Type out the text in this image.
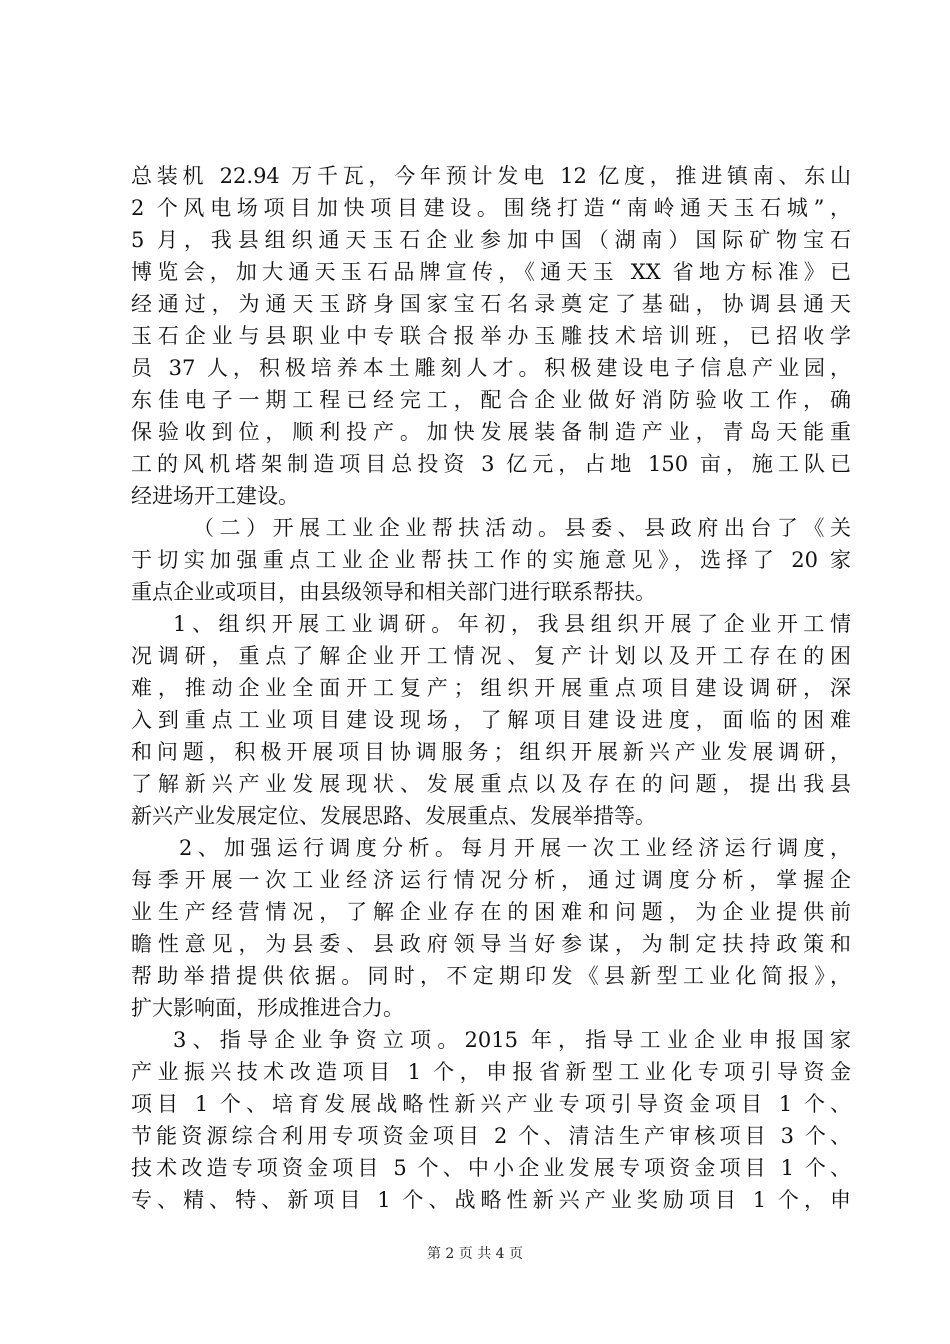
总装机 22.94 万千瓦，今年预计发电 12 亿度，推进镇南、东山
2 个风电场项目加快项目建设。围绕打造“南岭通天玉石城”，
5 月，我县组织通天玉石企业参加中国（湖南）国际矿物宝石
博览会，加大通天玉石品牌宣传，《通天玉 XX 省地方标准》已
经通过，为通天玉跻身国家宝石名录奠定了基础，协调县通天
玉石企业与县职业中专联合报举办玉雕技术培训班，已招收学
员 37 人，积极培养本土雕刻人才。积极建设电子信息产业园，
东佳电子一期工程已经完工，配合企业做好消防验收工作，确
保验收到位，顺利投产。加快发展装备制造产业，青岛天能重
工的风机塔架制造项目总投资 3 亿元，占地 150 亩，施工队已
经进场开工建设。
（二）开展工业企业帮扶活动。县委、县政府出台了《关
于切实加强重点工业企业帮扶工作的实施意见》，选择了 20 家
重点企业或项目，由县级领导和相关部门进行联系帮扶。
1、组织开展工业调研。年初，我县组织开展了企业开工情
况调研，重点了解企业开工情况、复产计划以及开工存在的困
难，推动企业全面开工复产；组织开展重点项目建设调研，深
入到重点工业项目建设现场，了解项目建设进度，面临的困难
和问题，积极开展项目协调服务；组织开展新兴产业发展调研，
了解新兴产业发展现状、发展重点以及存在的问题，提出我县
新兴产业发展定位、发展思路、发展重点、发展举措等。
2、加强运行调度分析。每月开展一次工业经济运行调度，
每季开展一次工业经济运行情况分析，通过调度分析，掌握企
业生产经营情况，了解企业存在的困难和问题，为企业提供前
瞻性意见，为县委、县政府领导当好参谋，为制定扶持政策和
帮助举措提供依据。同时，不定期印发《县新型工业化简报》，
扩大影响面，形成推进合力。
3、指导企业争资立项。2015 年，指导工业企业申报国家
产业振兴技术改造项目 1 个，申报省新型工业化专项引导资金
项目 1 个、培育发展战略性新兴产业专项引导资金项目 1 个、
节能资源综合利用专项资金项目 2 个、清洁生产审核项目 3 个、
技术改造专项资金项目 5 个、中小企业发展专项资金项目 1 个、
专、精、特、新项目 1 个、战略性新兴产业奖励项目 1 个，申
第 2 页 共 4 页
